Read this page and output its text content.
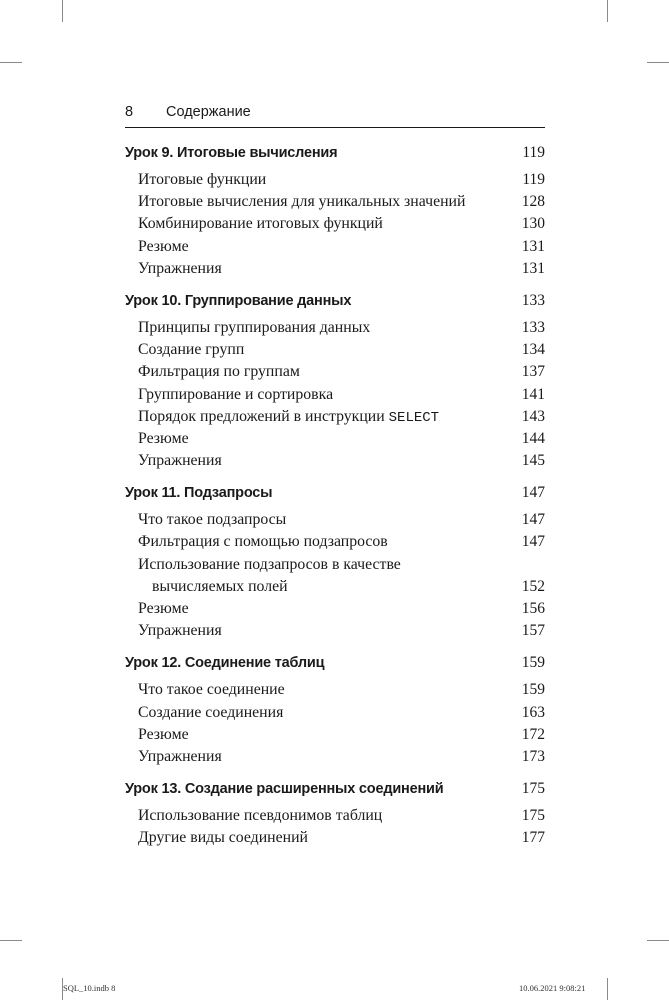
8 Содержание
Урок 9. Итоговые вычисления	119
Итоговые функции	119
Итоговые вычисления для уникальных значений	128
Комбинирование итоговых функций	130
Резюме	131
Упражнения	131
Урок 10. Группирование данных	133
Принципы группирования данных	133
Создание групп	134
Фильтрация по группам	137
Группирование и сортировка	141
Порядок предложений в инструкции SELECT	143
Резюме	144
Упражнения	145
Урок 11. Подзапросы	147
Что такое подзапросы	147
Фильтрация с помощью подзапросов	147
Использование подзапросов в качестве
вычисляемых полей	152
Резюме	156
Упражнения	157
Урок 12. Соединение таблиц	159
Что такое соединение	159
Создание соединения	163
Резюме	172
Упражнения	173
Урок 13. Создание расширенных соединений	175
Использование псевдонимов таблиц	175
Другие виды соединений	177
SQL_10.indb 8	10.06.2021 9:08:21
